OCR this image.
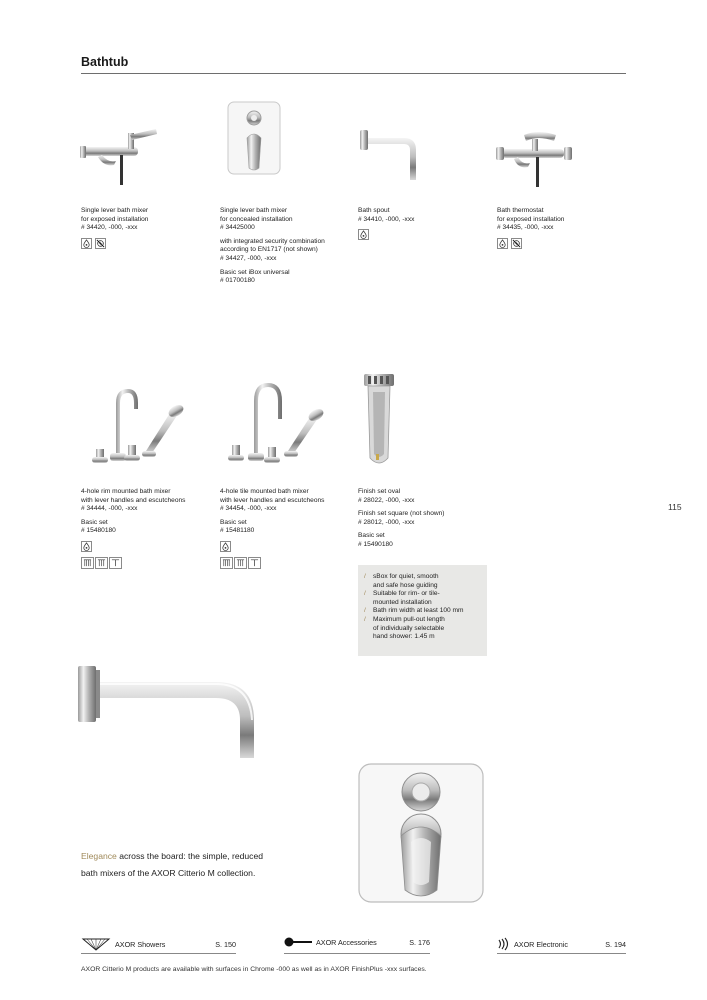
Bathtub
Single lever bath mixer
for exposed installation
# 34420, -000, -xxx
Single lever bath mixer
for concealed installation
# 34425000
with integrated security combination
according to EN1717 (not shown)
# 34427, -000, -xxx
Basic set iBox universal
# 01700180
Bath spout
# 34410, -000, -xxx
Bath thermostat
for exposed installation
# 34435, -000, -xxx
4-hole rim mounted bath mixer
with lever handles and escutcheons
# 34444, -000, -xxx
Basic set
# 15480180
4-hole tile mounted bath mixer
with lever handles and escutcheons
# 34454, -000, -xxx
Basic set
# 15481180
Finish set oval
# 28022, -000, -xxx
Finish set square (not shown)
# 28012, -000, -xxx
Basic set
# 15490180
/ sBox for quiet, smooth
and safe hose guiding
/ Suitable for rim- or tile-
mounted installation
/ Bath rim width at least 100 mm
/ Maximum pull-out length
of individually selectable
hand shower: 1.45 m
115
Elegance across the board: the simple, reduced
bath mixers of the AXOR Citterio M collection.
AXOR Showers	S. 150	AXOR Accessories	S. 176	AXOR Electronic	S. 194
AXOR Citterio M products are available with surfaces in Chrome -000 as well as in AXOR FinishPlus -xxx surfaces.
